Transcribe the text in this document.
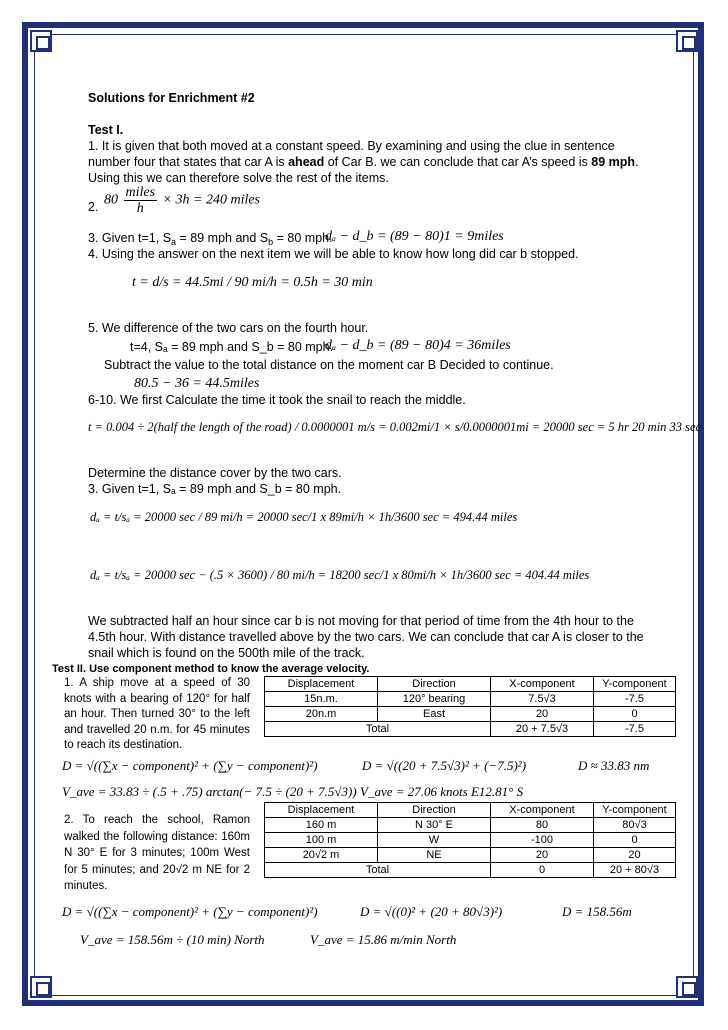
Solutions for Enrichment #2
Test I.
1. It is given that both moved at a constant speed. By examining and using the clue in sentence
number four that states that car A is ahead of Car B. we can conclude that car A’s speed is 89 mph.
Using this we can therefore solve the rest of the items.
2. $80 \frac{\text{miles}}{h} \times 3h = 240$ miles
3. Given t=1, $S_a = 89$ mph and $S_b = 80$ mph.
dₐ − d_b = (89 − 80)1 = 9miles
4. Using the answer on the next item we will be able to know how long did car b stopped.
t = d/s = 44.5mi / 90 mi/h = 0.5h = 30 min
5. We difference of the two cars on the fourth hour.
t=4, Sₐ = 89 mph and S_b = 80 mph.
dₐ − d_b = (89 − 80)4 = 36miles
Subtract the value to the total distance on the moment car B Decided to continue.
80.5 − 36 = 44.5miles
6-10. We first Calculate the time it took the snail to reach the middle.
t = 0.004 ÷ 2(half the length of the road) / 0.0000001 m/s = 0.002mi/1 × s/0.0000001mi = 20000 sec = 5 hr 20 min 33 sec
Determine the distance cover by the two cars.
3. Given t=1, Sₐ = 89 mph and S_b = 80 mph.
dₐ = t/sₐ = 20000 sec / 89 mi/h = 20000 sec/1 x 89mi/h × 1h/3600 sec = 494.44 miles
dₐ = t/sₐ = 20000 sec − (.5 × 3600) / 80 mi/h = 18200 sec/1 x 80mi/h × 1h/3600 sec = 404.44 miles
We subtracted half an hour since car b is not moving for that period of time from the 4th hour to the
4.5th hour. With distance travelled above by the two cars. We can conclude that car A is closer to the
snail which is found on the 500th mile of the track.
Test II. Use component method to know the average velocity.
1. A ship move at a speed of 30 knots with a bearing of 120° for half an hour. Then turned 30° to the left and travelled 20 n.m. for 45 minutes to reach its destination.
Displacement	Direction	X-component	Y-component
15n.m.	120° bearing	7.5√3	-7.5
20n.m	East	20	0
Total		20 + 7.5√3	-7.5
D = √((∑x − component)² + (∑y − component)²)	D = √((20 + 7.5√3)² + (−7.5)²)	D ≈ 33.83 nm
V_ave = 33.83 ÷ (.5 + .75) arctan(− 7.5 ÷ (20 + 7.5√3)) V_ave = 27.06 knots E12.81° S
2. To reach the school, Ramon walked the following distance: 160m N 30° E for 3 minutes; 100m West for 5 minutes; and 20√2 m NE for 2 minutes.
Displacement	Direction	X-component	Y-component
160 m	N 30° E	80	80√3
100 m	W	-100	0
20√2 m	NE	20	20
Total		0	20 + 80√3
D = √((∑x − component)² + (∑y − component)²)	D = √((0)² + (20 + 80√3)²)	D = 158.56m
V_ave = 158.56m ÷ (10 min) North	V_ave = 15.86 m/min North
